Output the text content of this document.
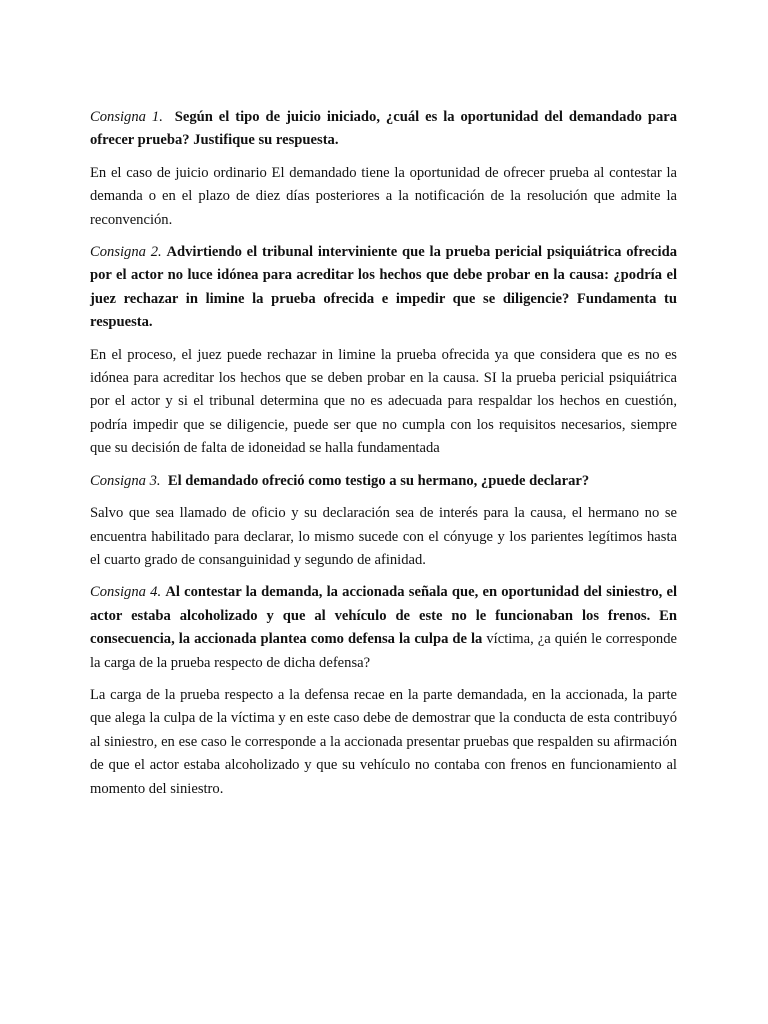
Consigna 1. Según el tipo de juicio iniciado, ¿cuál es la oportunidad del demandado para ofrecer prueba? Justifique su respuesta.

En el caso de juicio ordinario El demandado tiene la oportunidad de ofrecer prueba al contestar la demanda o en el plazo de diez días posteriores a la notificación de la resolución que admite la reconvención.

Consigna 2. Advirtiendo el tribunal interviniente que la prueba pericial psiquiátrica ofrecida por el actor no luce idónea para acreditar los hechos que debe probar en la causa: ¿podría el juez rechazar in limine la prueba ofrecida e impedir que se diligencie? Fundamenta tu respuesta.

En el proceso, el juez puede rechazar in limine la prueba ofrecida ya que considera que es no es idónea para acreditar los hechos que se deben probar en la causa. SI la prueba pericial psiquiátrica por el actor y si el tribunal determina que no es adecuada para respaldar los hechos en cuestión, podría impedir que se diligencie, puede ser que no cumpla con los requisitos necesarios, siempre que su decisión de falta de idoneidad se halla fundamentada

Consigna 3. El demandado ofreció como testigo a su hermano, ¿puede declarar?

Salvo que sea llamado de oficio y su declaración sea de interés para la causa, el hermano no se encuentra habilitado para declarar, lo mismo sucede con el cónyuge y los parientes legítimos hasta el cuarto grado de consanguinidad y segundo de afinidad.

Consigna 4. Al contestar la demanda, la accionada señala que, en oportunidad del siniestro, el actor estaba alcoholizado y que al vehículo de este no le funcionaban los frenos. En consecuencia, la accionada plantea como defensa la culpa de la víctima, ¿a quién le corresponde la carga de la prueba respecto de dicha defensa?

La carga de la prueba respecto a la defensa recae en la parte demandada, en la accionada, la parte que alega la culpa de la víctima y en este caso debe de demostrar que la conducta de esta contribuyó al siniestro, en ese caso le corresponde a la accionada presentar pruebas que respalden su afirmación de que el actor estaba alcoholizado y que su vehículo no contaba con frenos en funcionamiento al momento del siniestro.
